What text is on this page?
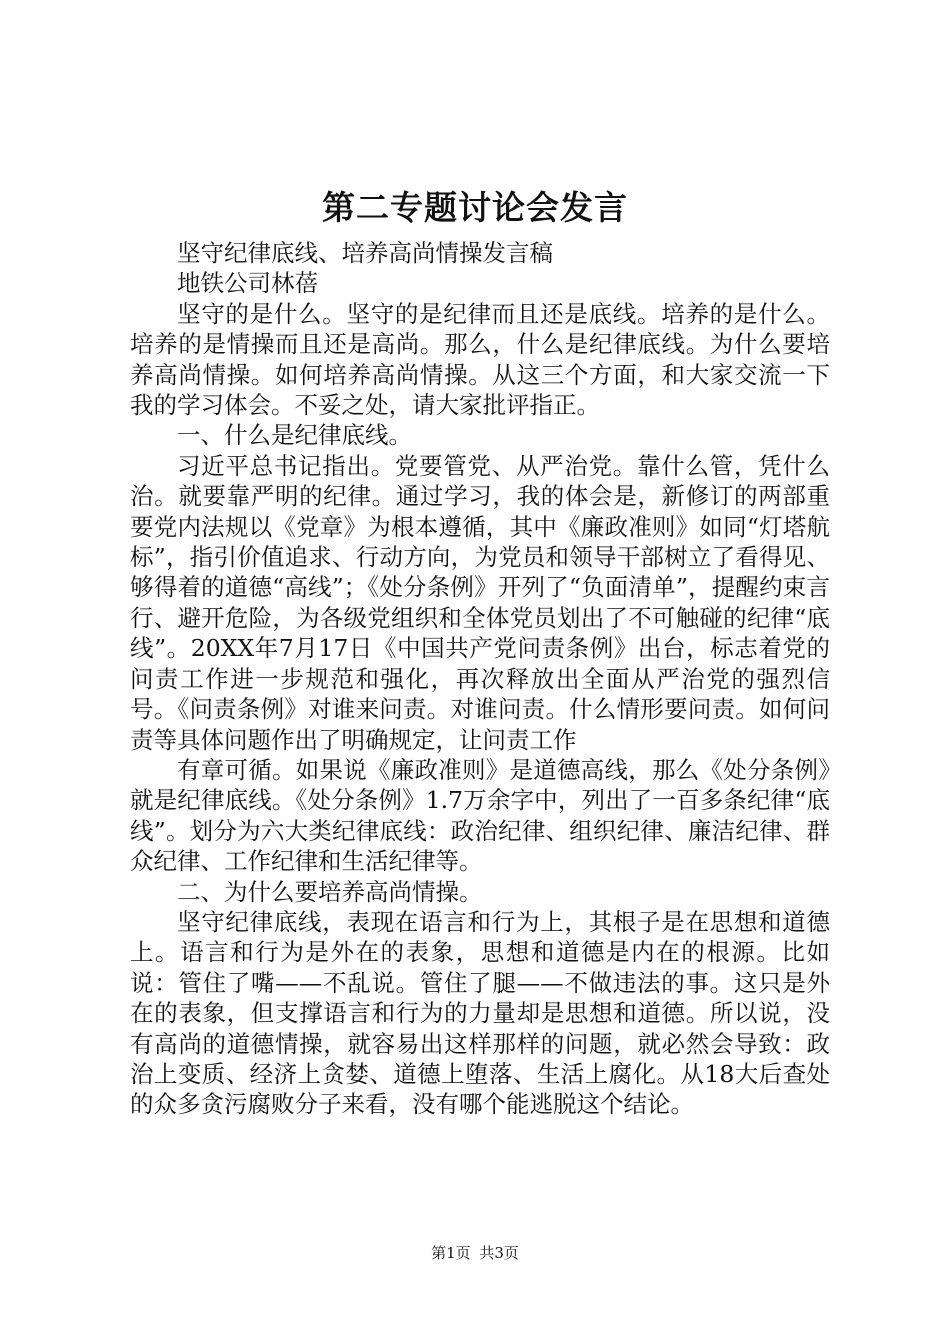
第二专题讨论会发言

坚守纪律底线、培养高尚情操发言稿

地铁公司林蓓

坚守的是什么。坚守的是纪律而且还是底线。培养的是什么。培养的是情操而且还是高尚。那么，什么是纪律底线。为什么要培养高尚情操。如何培养高尚情操。从这三个方面，和大家交流一下我的学习体会。不妥之处，请大家批评指正。

一、什么是纪律底线。

习近平总书记指出。党要管党、从严治党。靠什么管，凭什么治。就要靠严明的纪律。通过学习，我的体会是，新修订的两部重要党内法规以《党章》为根本遵循，其中《廉政准则》如同“灯塔航标”，指引价值追求、行动方向，为党员和领导干部树立了看得见、够得着的道德“高线”；《处分条例》开列了“负面清单”，提醒约束言行、避开危险，为各级党组织和全体党员划出了不可触碰的纪律“底线”。20XX年7月17日《中国共产党问责条例》出台，标志着党的问责工作进一步规范和强化，再次释放出全面从严治党的强烈信号。《问责条例》对谁来问责。对谁问责。什么情形要问责。如何问责等具体问题作出了明确规定，让问责工作

有章可循。如果说《廉政准则》是道德高线，那么《处分条例》就是纪律底线。《处分条例》1.7万余字中，列出了一百多条纪律“底线”。划分为六大类纪律底线：政治纪律、组织纪律、廉洁纪律、群众纪律、工作纪律和生活纪律等。

二、为什么要培养高尚情操。

坚守纪律底线，表现在语言和行为上，其根子是在思想和道德上。语言和行为是外在的表象，思想和道德是内在的根源。比如说：管住了嘴——不乱说。管住了腿——不做违法的事。这只是外在的表象，但支撑语言和行为的力量却是思想和道德。所以说，没有高尚的道德情操，就容易出这样那样的问题，就必然会导致：政治上变质、经济上贪婪、道德上堕落、生活上腐化。从18大后查处的众多贪污腐败分子来看，没有哪个能逃脱这个结论。

第1页 共3页
